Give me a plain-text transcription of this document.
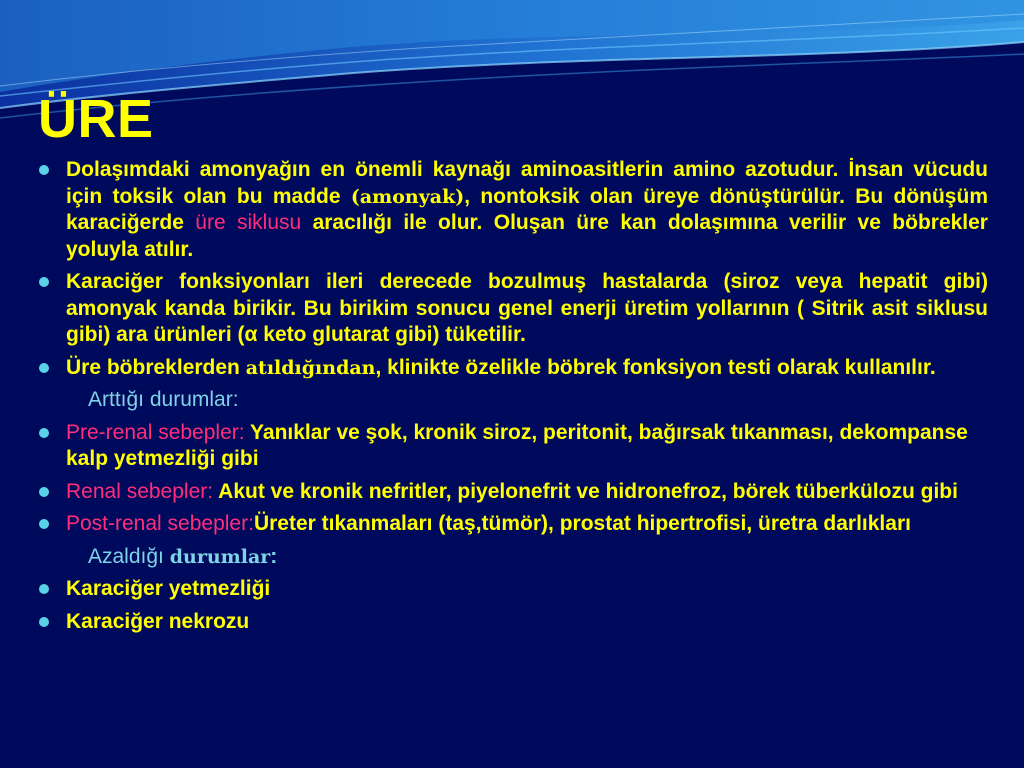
ÜRE
Dolaşımdaki amonyağın en önemli kaynağı aminoasitlerin amino azotudur. İnsan vücudu için toksik olan bu madde (amonyak), nontoksik olan üreye dönüştürülür. Bu dönüşüm karaciğerde üre siklusu aracılığı ile olur. Oluşan üre kan dolaşımına verilir ve böbrekler yoluyla atılır.
Karaciğer fonksiyonları ileri derecede bozulmuş hastalarda (siroz veya hepatit gibi) amonyak kanda birikir. Bu birikim sonucu genel enerji üretim yollarının ( Sitrik asit siklusu gibi) ara ürünleri (α keto glutarat gibi) tüketilir.
Üre böbreklerden atıldığından, klinikte özelikle böbrek fonksiyon testi olarak kullanılır.
Arttığı durumlar:
Pre-renal sebepler: Yanıklar ve şok, kronik siroz, peritonit, bağırsak tıkanması, dekompanse kalp yetmezliği gibi
Renal sebepler: Akut ve kronik nefritler, piyelonefrit ve hidronefroz, börek tüberkülozu gibi
Post-renal sebepler:Üreter tıkanmaları (taş,tümör), prostat hipertrofisi, üretra darlıkları
Azaldığı durumlar:
Karaciğer yetmezliği
Karaciğer nekrozu
